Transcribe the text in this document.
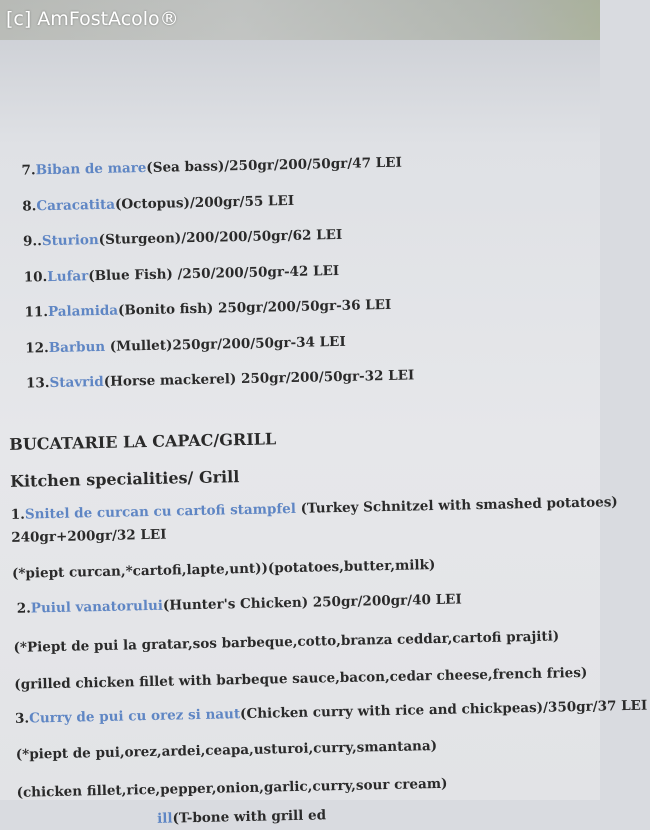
[c] AmFostAcolo®
7.Biban de mare(Sea bass)/250gr/200/50gr/47 LEI
8.Caracatita(Octopus)/200gr/55 LEI
9..Sturion(Sturgeon)/200/200/50gr/62 LEI
10.Lufar(Blue Fish) /250/200/50gr-42 LEI
11.Palamida(Bonito fish) 250gr/200/50gr-36 LEI
12.Barbun (Mullet)250gr/200/50gr-34 LEI
13.Stavrid(Horse mackerel) 250gr/200/50gr-32 LEI
BUCATARIE LA CAPAC/GRILL
Kitchen specialities/ Grill
1.Snitel de curcan cu cartofi stampfel (Turkey Schnitzel with smashed potatoes)
240gr+200gr/32 LEI
(*piept curcan,*cartofi,lapte,unt))(potatoes,butter,milk)
2.Puiul vanatorului(Hunter's Chicken) 250gr/200gr/40 LEI
(*Piept de pui la gratar,sos barbeque,cotto,branza ceddar,cartofi prajiti)
(grilled chicken fillet with barbeque sauce,bacon,cedar cheese,french fries)
3.Curry de pui cu orez si naut(Chicken curry with rice and chickpeas)/350gr/37 LEI
(*piept de pui,orez,ardei,ceapa,usturoi,curry,smantana)
(chicken fillet,rice,pepper,onion,garlic,curry,sour cream)
ill(T-bone with grill ed
